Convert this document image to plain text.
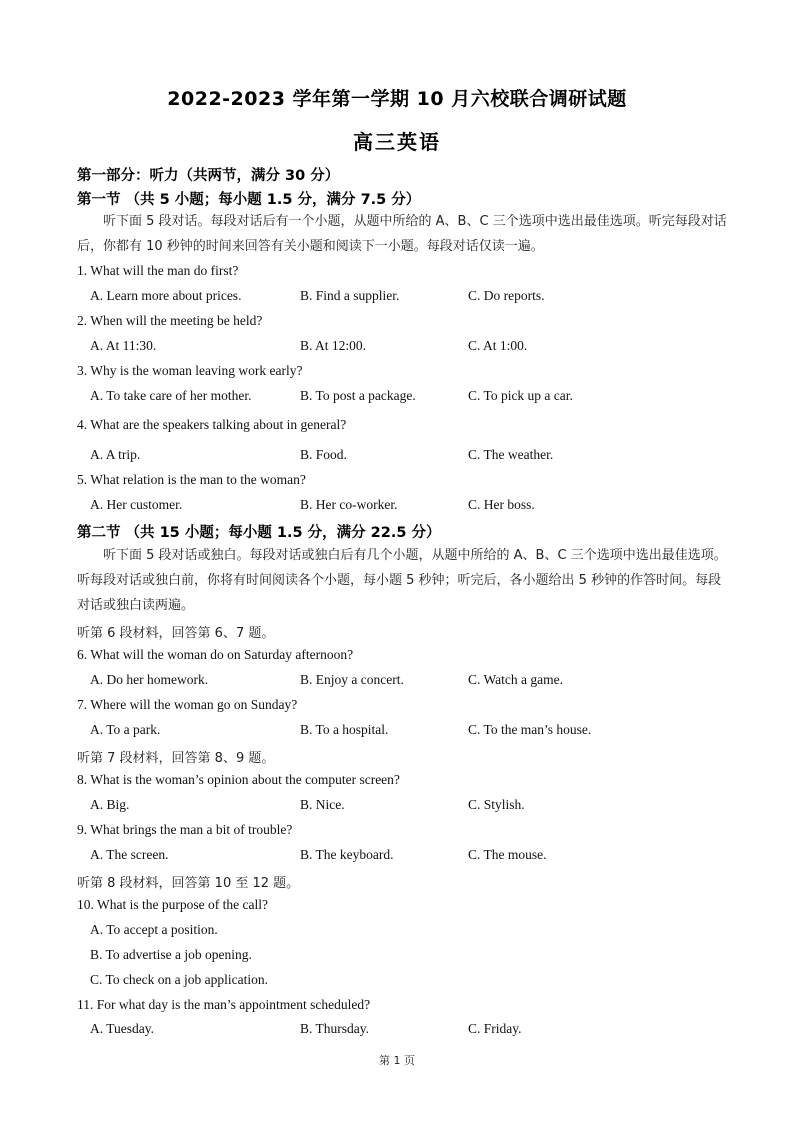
2022-2023 学年第一学期 10 月六校联合调研试题
高三英语
第一部分：听力（共两节，满分 30 分）
第一节 （共 5 小题；每小题 1.5 分，满分 7.5 分）
听下面 5 段对话。每段对话后有一个小题，从题中所给的 A、B、C 三个选项中选出最佳选项。听完每段对话后，你都有 10 秒钟的时间来回答有关小题和阅读下一小题。每段对话仅读一遍。
1. What will the man do first?
A. Learn more about prices.	B. Find a supplier.	C. Do reports.
2. When will the meeting be held?
A. At 11:30.	B. At 12:00.	C. At 1:00.
3. Why is the woman leaving work early?
A. To take care of her mother.	B. To post a package.	C. To pick up a car.
4. What are the speakers talking about in general?
A. A trip.	B. Food.	C. The weather.
5. What relation is the man to the woman?
A. Her customer.	B. Her co-worker.	C. Her boss.
第二节 （共 15 小题；每小题 1.5 分，满分 22.5 分）
听下面 5 段对话或独白。每段对话或独白后有几个小题，从题中所给的 A、B、C 三个选项中选出最佳选项。听每段对话或独白前，你将有时间阅读各个小题，每小题 5 秒钟；听完后，各小题给出 5 秒钟的作答时间。每段对话或独白读两遍。
听第 6 段材料，回答第 6、7 题。
6. What will the woman do on Saturday afternoon?
A. Do her homework.	B. Enjoy a concert.	C. Watch a game.
7. Where will the woman go on Sunday?
A. To a park.	B. To a hospital.	C. To the man’s house.
听第 7 段材料，回答第 8、9 题。
8. What is the woman’s opinion about the computer screen?
A. Big.	B. Nice.	C. Stylish.
9. What brings the man a bit of trouble?
A. The screen.	B. The keyboard.	C. The mouse.
听第 8 段材料，回答第 10 至 12 题。
10. What is the purpose of the call?
A. To accept a position.
B. To advertise a job opening.
C. To check on a job application.
11. For what day is the man’s appointment scheduled?
A. Tuesday.	B. Thursday.	C. Friday.
第 1 页
